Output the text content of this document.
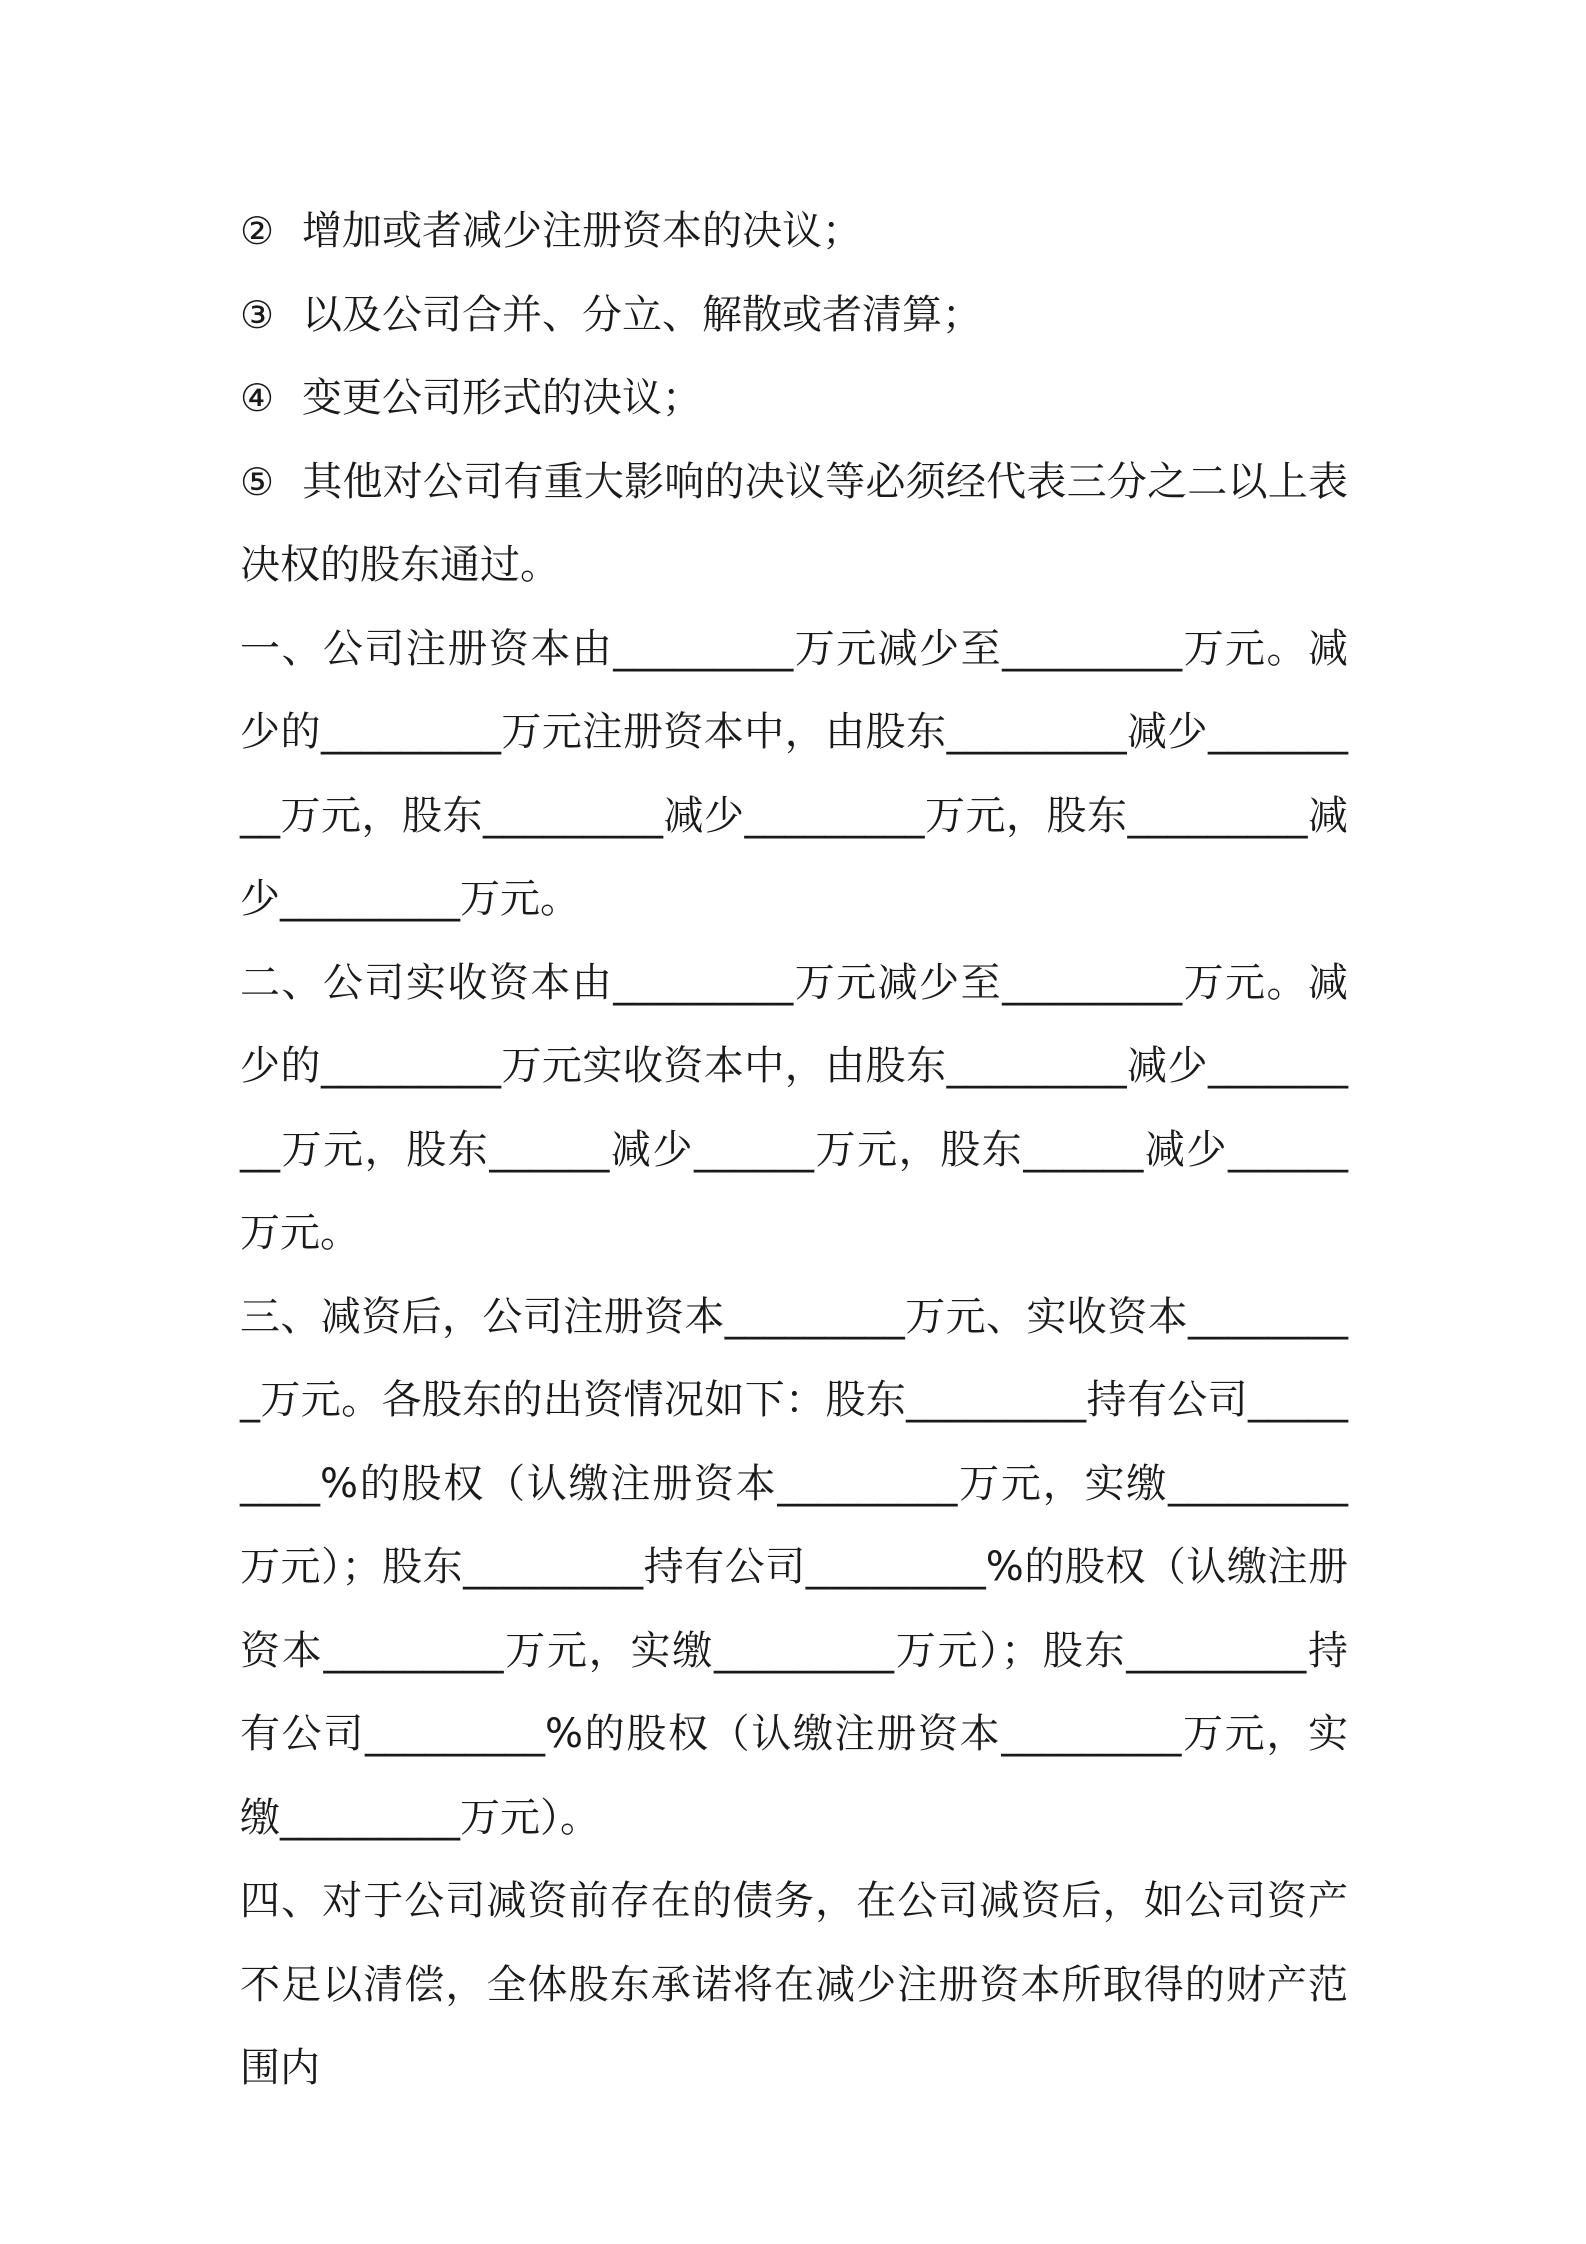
② 增加或者减少注册资本的决议；
③ 以及公司合并、分立、解散或者清算；
④ 变更公司形式的决议；

⑤ 其他对公司有重大影响的决议等必须经代表三分之二以上表决权的股东通过。

一、公司注册资本由_________万元减少至_________万元。减少的_________万元注册资本中，由股东_________减少_________万元，股东_________减少_________万元，股东_________减少_________万元。

二、公司实收资本由_________万元减少至_________万元。减少的_________万元实收资本中，由股东_________减少_________万元，股东______减少______万元，股东______减少______万元。

三、减资后，公司注册资本_________万元、实收资本_________万元。各股东的出资情况如下：股东_________持有公司_________%的股权（认缴注册资本_________万元，实缴_________万元）；股东_________持有公司_________%的股权（认缴注册资本_________万元，实缴_________万元）；股东_________持有公司_________%的股权（认缴注册资本_________万元，实缴_________万元）。

四、对于公司减资前存在的债务，在公司减资后，如公司资产不足以清偿，全体股东承诺将在减少注册资本所取得的财产范围内
